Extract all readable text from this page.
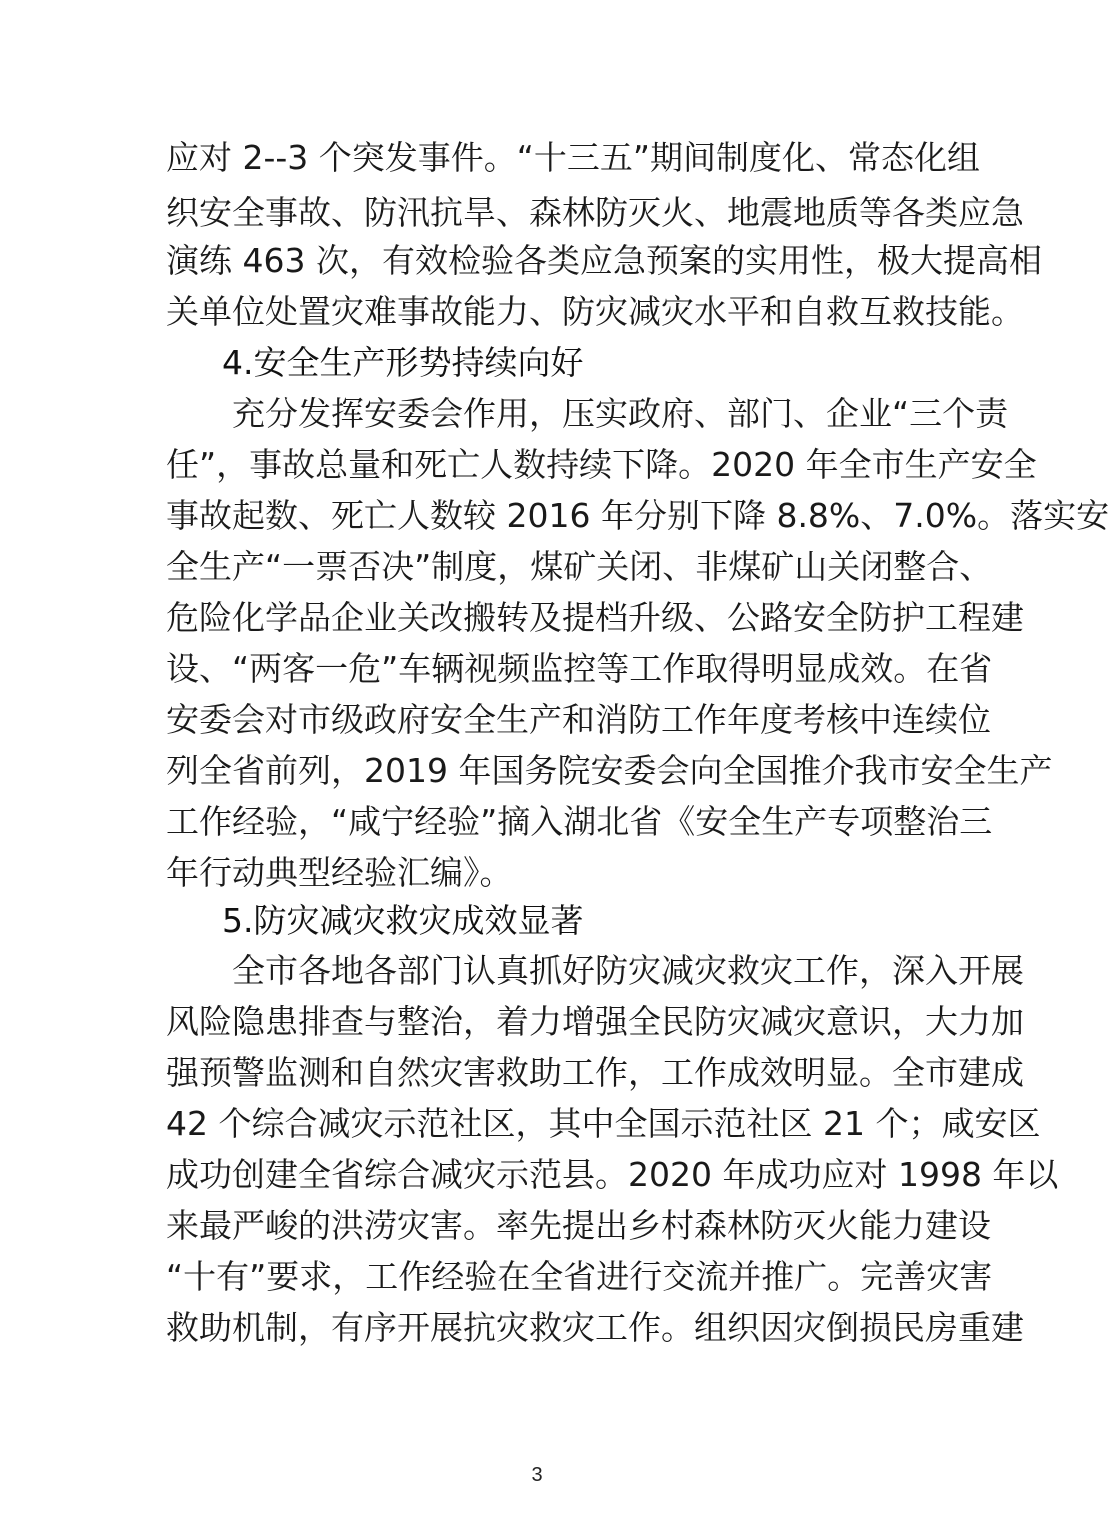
应对 2--3 个突发事件。“十三五”期间制度化、常态化组
织安全事故、防汛抗旱、森林防灭火、地震地质等各类应急
演练 463 次，有效检验各类应急预案的实用性，极大提高相
关单位处置灾难事故能力、防灾减灾水平和自救互救技能。
4.安全生产形势持续向好
充分发挥安委会作用，压实政府、部门、企业“三个责
任”，事故总量和死亡人数持续下降。2020 年全市生产安全
事故起数、死亡人数较 2016 年分别下降 8.8%、7.0%。落实安
全生产“一票否决”制度，煤矿关闭、非煤矿山关闭整合、
危险化学品企业关改搬转及提档升级、公路安全防护工程建
设、“两客一危”车辆视频监控等工作取得明显成效。在省
安委会对市级政府安全生产和消防工作年度考核中连续位
列全省前列，2019 年国务院安委会向全国推介我市安全生产
工作经验，“咸宁经验”摘入湖北省《安全生产专项整治三
年行动典型经验汇编》。
5.防灾减灾救灾成效显著
全市各地各部门认真抓好防灾减灾救灾工作，深入开展
风险隐患排查与整治，着力增强全民防灾减灾意识，大力加
强预警监测和自然灾害救助工作，工作成效明显。全市建成
42 个综合减灾示范社区，其中全国示范社区 21 个；咸安区
成功创建全省综合减灾示范县。2020 年成功应对 1998 年以
来最严峻的洪涝灾害。率先提出乡村森林防灭火能力建设
“十有”要求，工作经验在全省进行交流并推广。完善灾害
救助机制，有序开展抗灾救灾工作。组织因灾倒损民房重建
3
